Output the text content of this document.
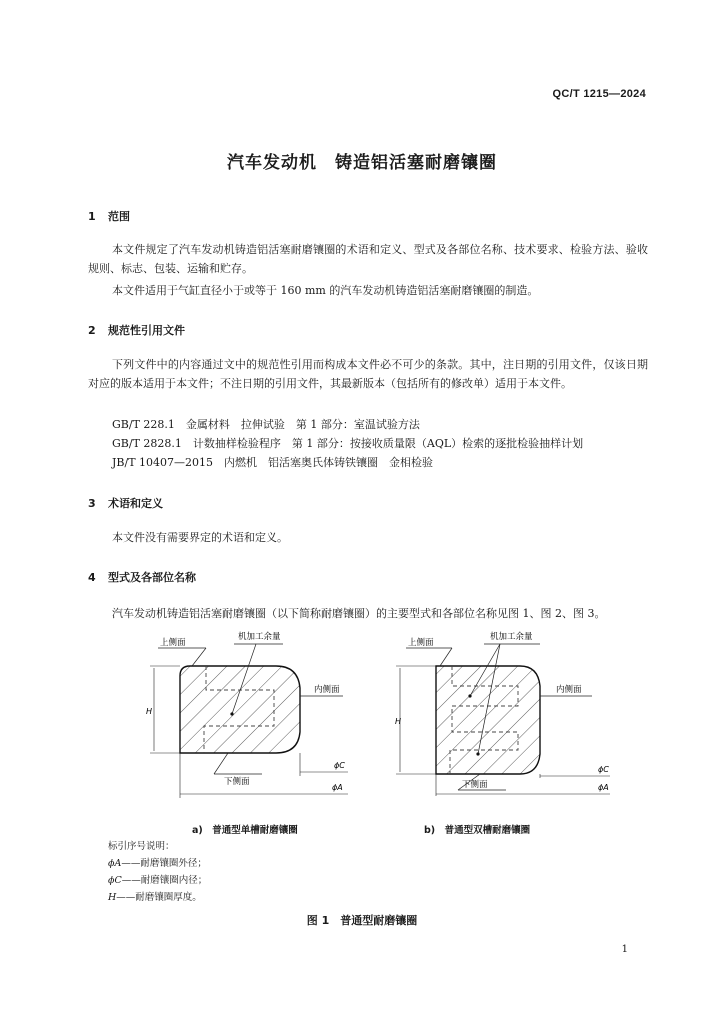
QC/T 1215—2024
汽车发动机　铸造铝活塞耐磨镶圈
1 范围
本文件规定了汽车发动机铸造铝活塞耐磨镶圈的术语和定义、型式及各部位名称、技术要求、检验方法、验收规则、标志、包装、运输和贮存。
本文件适用于气缸直径小于或等于 160 mm 的汽车发动机铸造铝活塞耐磨镶圈的制造。
2 规范性引用文件
下列文件中的内容通过文中的规范性引用而构成本文件必不可少的条款。其中，注日期的引用文件，仅该日期对应的版本适用于本文件；不注日期的引用文件，其最新版本（包括所有的修改单）适用于本文件。
GB/T 228.1　金属材料　拉伸试验　第 1 部分：室温试验方法
GB/T 2828.1　计数抽样检验程序　第 1 部分：按接收质量限（AQL）检索的逐批检验抽样计划
JB/T 10407—2015　内燃机　铝活塞奥氏体铸铁镶圈　金相检验
3 术语和定义
本文件没有需要界定的术语和定义。
4 型式及各部位名称
汽车发动机铸造铝活塞耐磨镶圈（以下简称耐磨镶圈）的主要型式和各部位名称见图 1、图 2、图 3。
上侧面
机加工余量
内侧面
H
下侧面
ϕC
ϕA
上侧面
机加工余量
内侧面
H
下侧面
ϕC
ϕA
a)　普通型单槽耐磨镶圈	b)　普通型双槽耐磨镶圈
标引序号说明：
ϕA——耐磨镶圈外径；
ϕC——耐磨镶圈内径；
H——耐磨镶圈厚度。
图 1　普通型耐磨镶圈
1
